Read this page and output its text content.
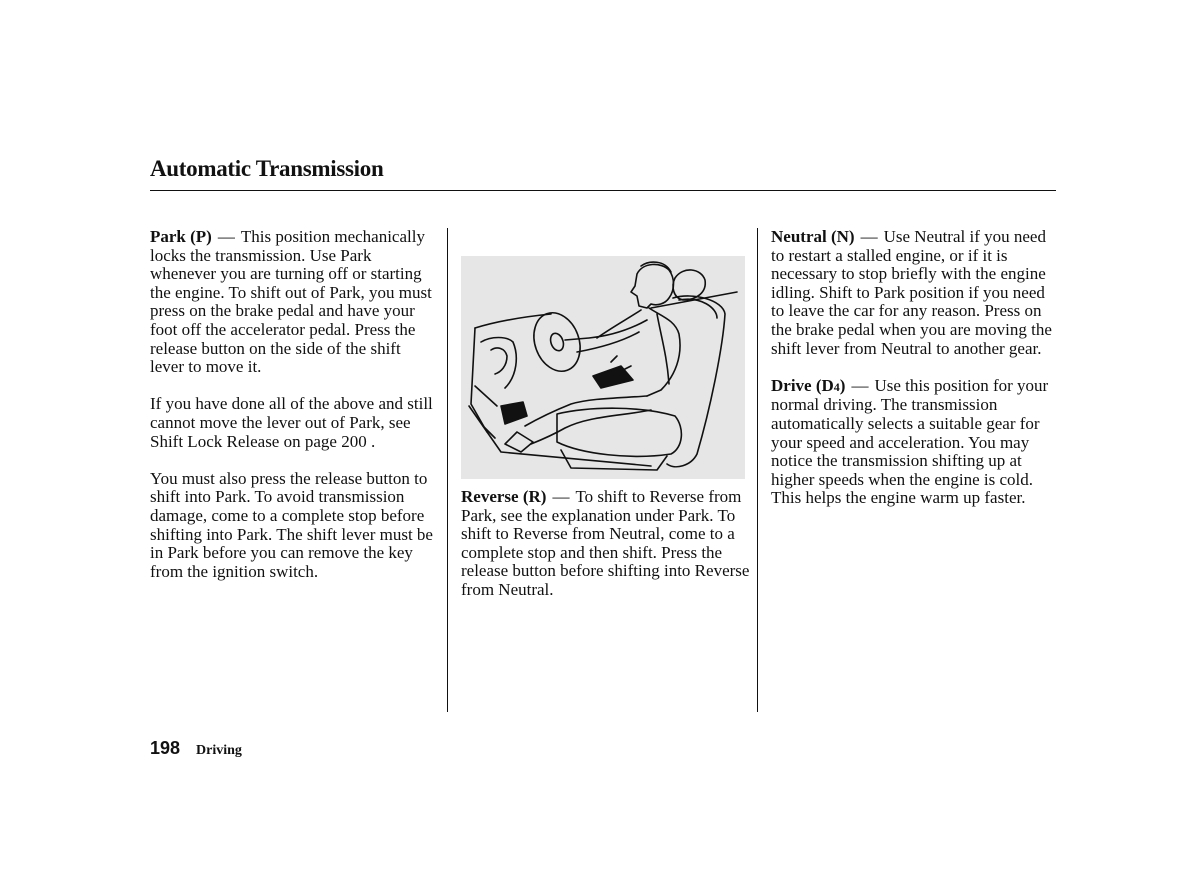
Automatic Transmission

Park (P) — This position mechanically locks the transmission. Use Park whenever you are turning off or starting the engine. To shift out of Park, you must press on the brake pedal and have your foot off the accelerator pedal. Press the release button on the side of the shift lever to move it.

If you have done all of the above and still cannot move the lever out of Park, see Shift Lock Release on page 200 .

You must also press the release button to shift into Park. To avoid transmission damage, come to a complete stop before shifting into Park. The shift lever must be in Park before you can remove the key from the ignition switch.

Reverse (R) — To shift to Reverse from Park, see the explanation under Park. To shift to Reverse from Neutral, come to a complete stop and then shift. Press the release button before shifting into Reverse from Neutral.

Neutral (N) — Use Neutral if you need to restart a stalled engine, or if it is necessary to stop briefly with the engine idling. Shift to Park position if you need to leave the car for any reason. Press on the brake pedal when you are moving the shift lever from Neutral to another gear.

Drive (D4) — Use this position for your normal driving. The transmission automatically selects a suitable gear for your speed and acceleration. You may notice the transmission shifting up at higher speeds when the engine is cold. This helps the engine warm up faster.

198 Driving
